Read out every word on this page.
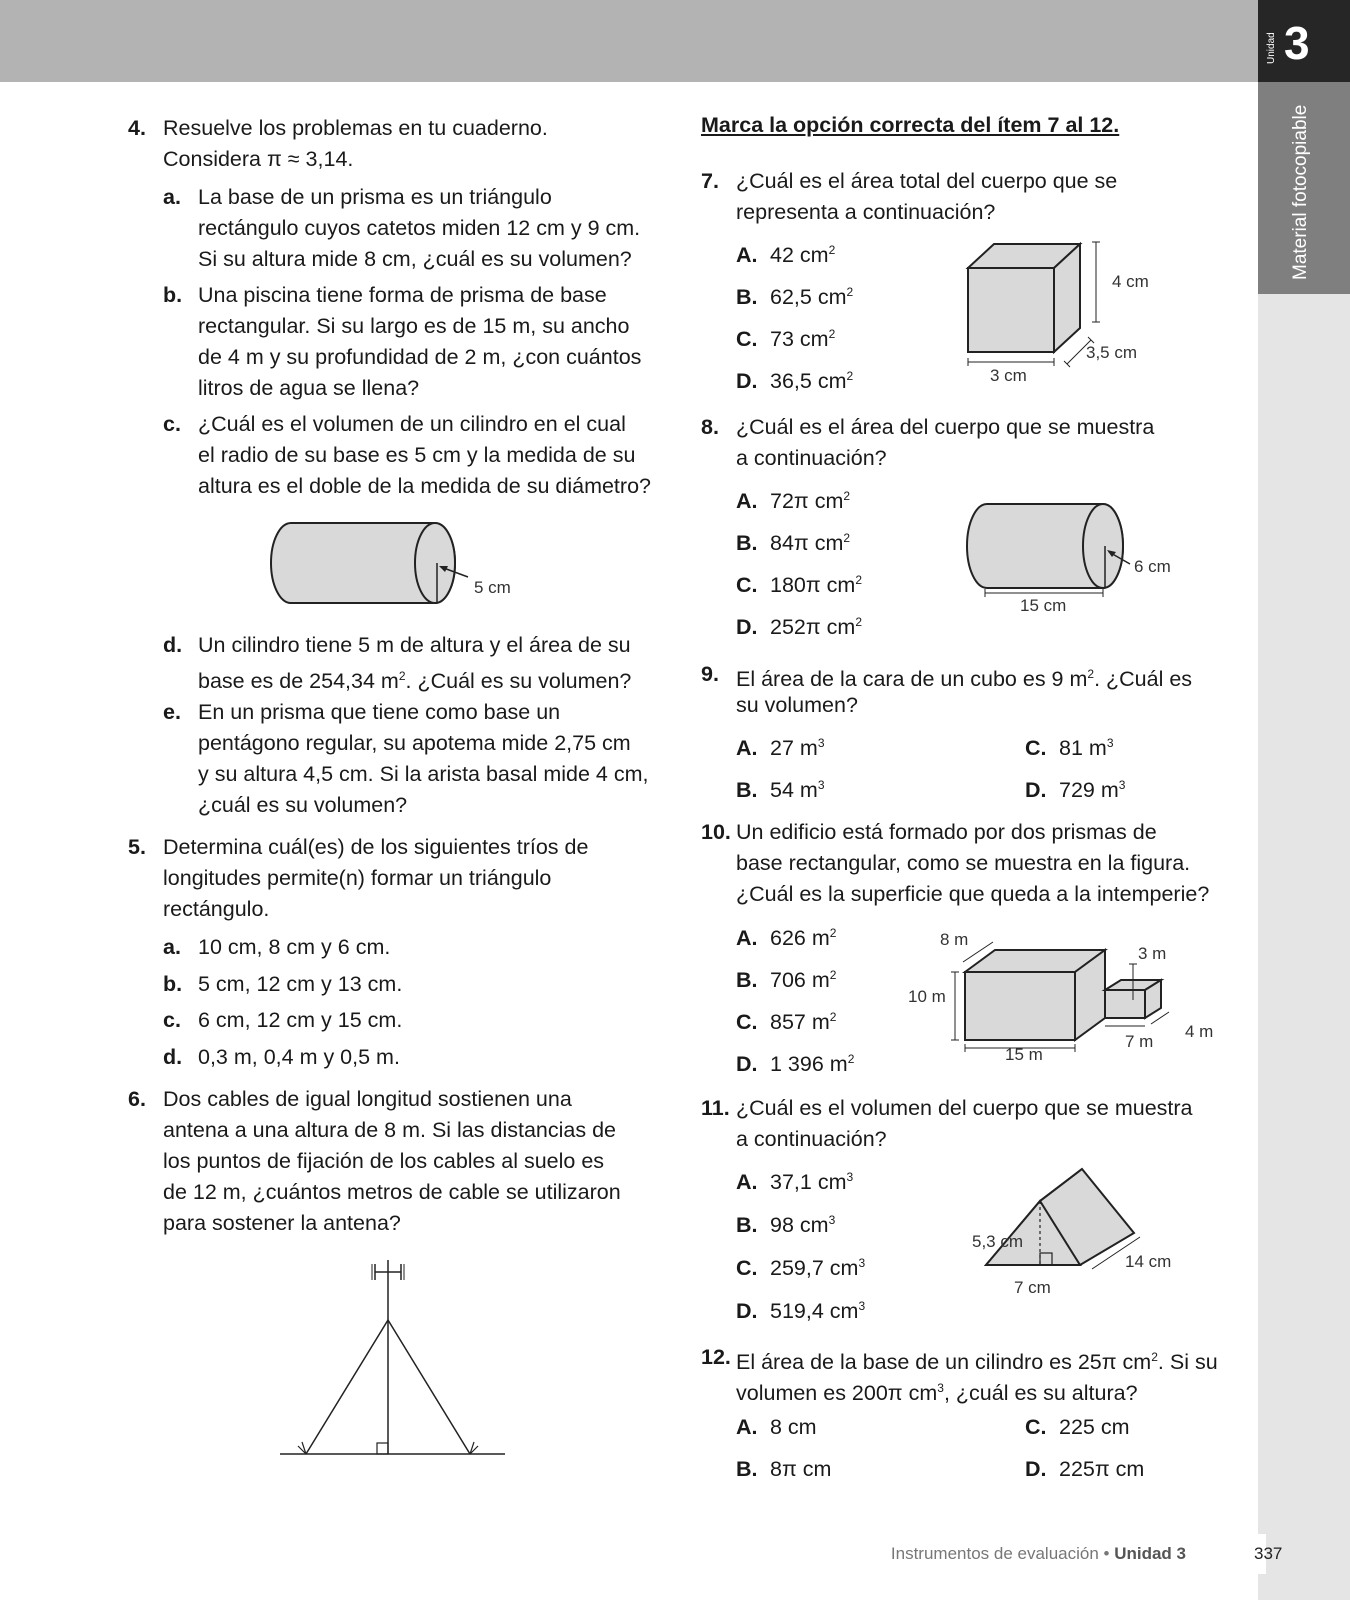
Unidad 3
Material fotocopiable
Instrumentos de evaluación • Unidad 3	337
4. Resuelve los problemas en tu cuaderno.
Considera π ≈ 3,14.
a. La base de un prisma es un triángulo
rectángulo cuyos catetos miden 12 cm y 9 cm.
Si su altura mide 8 cm, ¿cuál es su volumen?
b. Una piscina tiene forma de prisma de base
rectangular. Si su largo es de 15 m, su ancho
de 4 m y su profundidad de 2 m, ¿con cuántos
litros de agua se llena?
c. ¿Cuál es el volumen de un cilindro en el cual
el radio de su base es 5 cm y la medida de su
altura es el doble de la medida de su diámetro?
5 cm
d. Un cilindro tiene 5 m de altura y el área de su
base es de 254,34 $m^2$. ¿Cuál es su volumen?
e. En un prisma que tiene como base un
pentágono regular, su apotema mide 2,75 cm
y su altura 4,5 cm. Si la arista basal mide 4 cm,
¿cuál es su volumen?
5. Determina cuál(es) de los siguientes tríos de
longitudes permite(n) formar un triángulo
rectángulo.
a. 10 cm, 8 cm y 6 cm.
b. 5 cm, 12 cm y 13 cm.
c. 6 cm, 12 cm y 15 cm.
d. 0,3 m, 0,4 m y 0,5 m.
6. Dos cables de igual longitud sostienen una
antena a una altura de 8 m. Si las distancias de
los puntos de fijación de los cables al suelo es
de 12 m, ¿cuántos metros de cable se utilizaron
para sostener la antena?
Marca la opción correcta del ítem 7 al 12.
7. ¿Cuál es el área total del cuerpo que se
representa a continuación?
A. 42 $cm^2$
B. 62,5 $cm^2$
C. 73 $cm^2$
D. 36,5 $cm^2$
4 cm
3,5 cm
3 cm
8. ¿Cuál es el área del cuerpo que se muestra
a continuación?
A. 72π $cm^2$
B. 84π $cm^2$
C. 180π $cm^2$
D. 252π $cm^2$
6 cm
15 cm
9. El área de la cara de un cubo es 9 $m^2$. ¿Cuál es
su volumen?
A. 27 $m^3$	C. 81 $m^3$
B. 54 $m^3$	D. 729 $m^3$
10. Un edificio está formado por dos prismas de
base rectangular, como se muestra en la figura.
¿Cuál es la superficie que queda a la intemperie?
A. 626 $m^2$
B. 706 $m^2$
C. 857 $m^2$
D. 1 396 $m^2$
8 m
10 m
15 m
3 m
7 m
4 m
11. ¿Cuál es el volumen del cuerpo que se muestra
a continuación?
A. 37,1 $cm^3$
B. 98 $cm^3$
C. 259,7 $cm^3$
D. 519,4 $cm^3$
5,3 cm
7 cm
14 cm
12. El área de la base de un cilindro es 25π $cm^2$. Si su
volumen es 200π $cm^3$, ¿cuál es su altura?
A. 8 cm	C. 225 cm
B. 8π cm	D. 225π cm
